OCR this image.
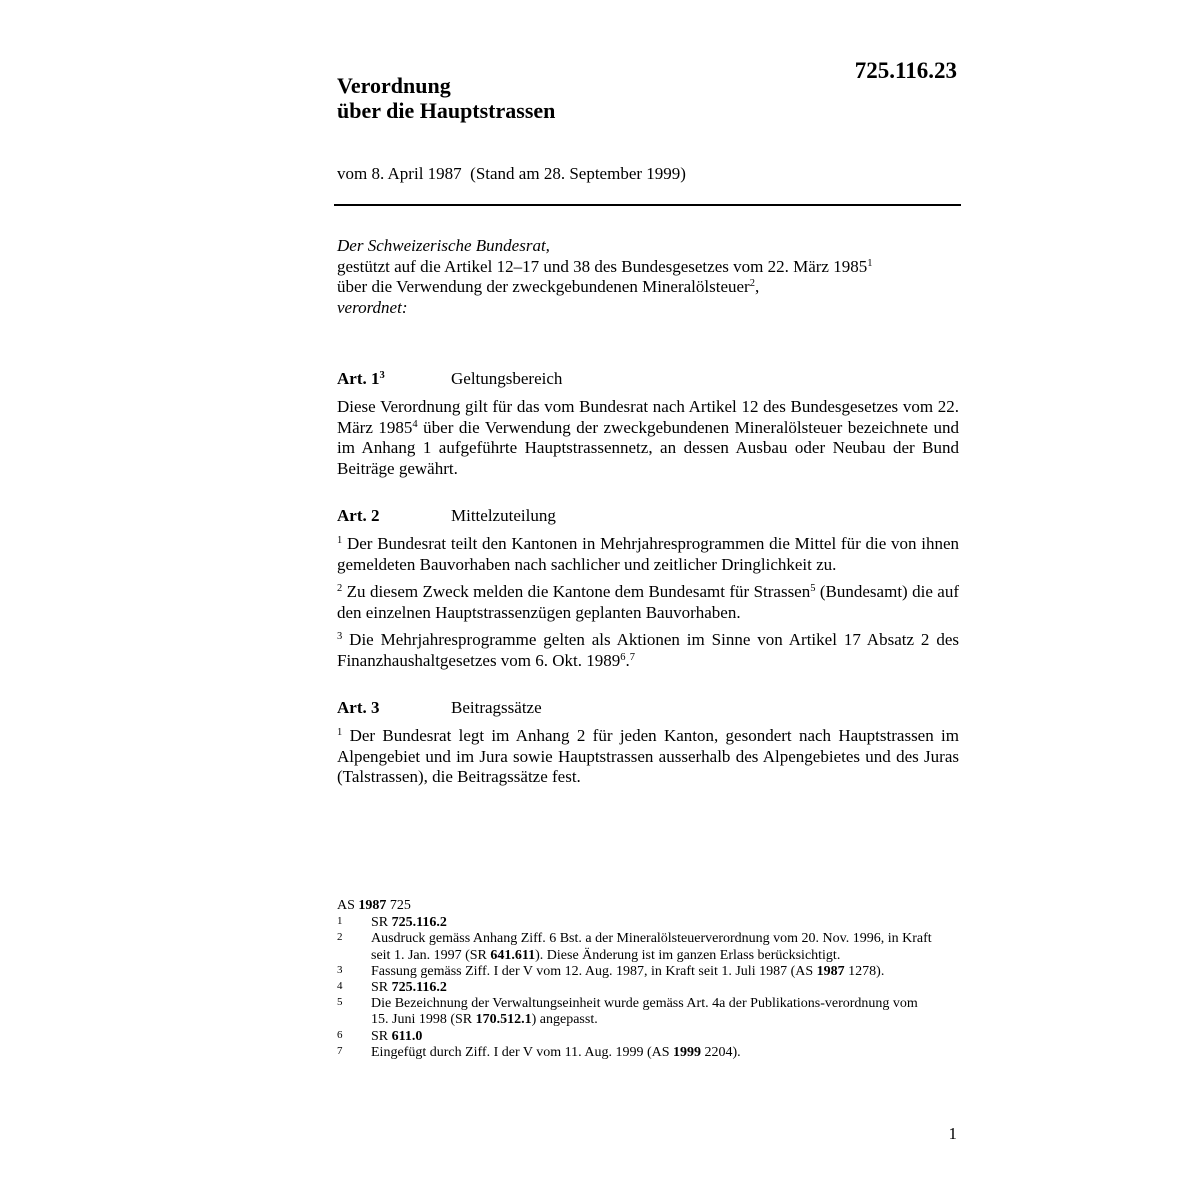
725.116.23
Verordnung
über die Hauptstrassen
vom 8. April 1987  (Stand am 28. September 1999)
Der Schweizerische Bundesrat,
gestützt auf die Artikel 12–17 und 38 des Bundesgesetzes vom 22. März 1985$^1$
über die Verwendung der zweckgebundenen Mineralölsteuer$^2$,
verordnet:
Art. $1^3$	Geltungsbereich
Diese Verordnung gilt für das vom Bundesrat nach Artikel 12 des Bundesgesetzes vom 22. März 1985$^4$ über die Verwendung der zweckgebundenen Mineralölsteuer bezeichnete und im Anhang 1 aufgeführte Hauptstrassennetz, an dessen Ausbau oder Neubau der Bund Beiträge gewährt.
Art. 2	Mittelzuteilung
$^1$ Der Bundesrat teilt den Kantonen in Mehrjahresprogrammen die Mittel für die von ihnen gemeldeten Bauvorhaben nach sachlicher und zeitlicher Dringlichkeit zu.
$^2$ Zu diesem Zweck melden die Kantone dem Bundesamt für Strassen$^5$ (Bundesamt) die auf den einzelnen Hauptstrassenzügen geplanten Bauvorhaben.
$^3$ Die Mehrjahresprogramme gelten als Aktionen im Sinne von Artikel 17 Absatz 2 des Finanzhaushaltgesetzes vom 6. Okt. 1989$^6$.$^7$
Art. 3	Beitragssätze
$^1$ Der Bundesrat legt im Anhang 2 für jeden Kanton, gesondert nach Hauptstrassen im Alpengebiet und im Jura sowie Hauptstrassen ausserhalb des Alpengebietes und des Juras (Talstrassen), die Beitragssätze fest.
AS 1987 725
1	SR 725.116.2
2	Ausdruck gemäss Anhang Ziff. 6 Bst. a der Mineralölsteuerverordnung vom 20. Nov. 1996, in Kraft seit 1. Jan. 1997 (SR 641.611). Diese Änderung ist im ganzen Erlass berücksichtigt.
3	Fassung gemäss Ziff. I der V vom 12. Aug. 1987, in Kraft seit 1. Juli 1987 (AS 1987 1278).
4	SR 725.116.2
5	Die Bezeichnung der Verwaltungseinheit wurde gemäss Art. 4a der Publikations-verordnung vom 15. Juni 1998 (SR 170.512.1) angepasst.
6	SR 611.0
7	Eingefügt durch Ziff. I der V vom 11. Aug. 1999 (AS 1999 2204).
1
